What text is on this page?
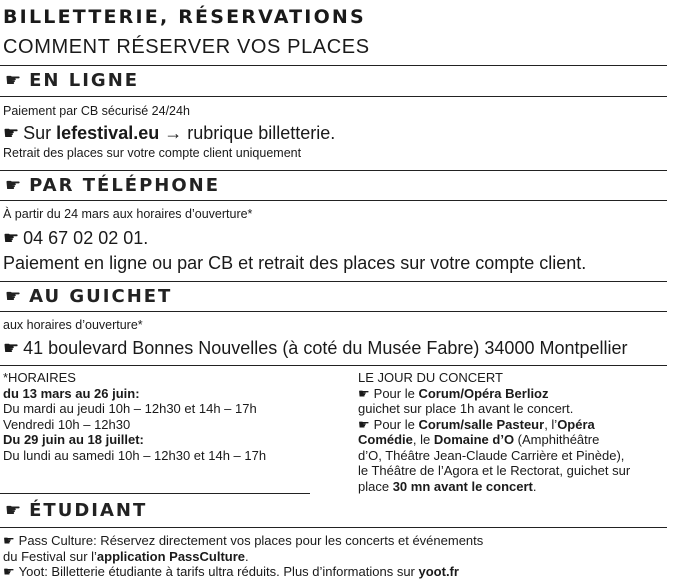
BILLETTERIE, RÉSERVATIONS
COMMENT RÉSERVER VOS PLACES
☚ EN LIGNE
Paiement par CB sécurisé 24/24h
☛ Sur lefestival.eu → rubrique billetterie.
Retrait des places sur votre compte client uniquement
☚ PAR TÉLÉPHONE
À partir du 24 mars aux horaires d’ouverture*
☛ 04 67 02 02 01.
Paiement en ligne ou par CB et retrait des places sur votre compte client.
☚ AU GUICHET
aux horaires d’ouverture*
☛ 41 boulevard Bonnes Nouvelles (à coté du Musée Fabre) 34000 Montpellier
*HORAIRES
du 13 mars au 26 juin:
Du mardi au jeudi 10h – 12h30 et 14h – 17h
Vendredi 10h – 12h30
Du 29 juin au 18 juillet:
Du lundi au samedi 10h – 12h30 et 14h – 17h
LE JOUR DU CONCERT
☛ Pour le Corum/Opéra Berlioz
guichet sur place 1h avant le concert.
☛ Pour le Corum/salle Pasteur, l’Opéra
Comédie, le Domaine d’O (Amphithéâtre
d’O, Théâtre Jean-Claude Carrière et Pinède),
le Théâtre de l’Agora et le Rectorat, guichet sur
place 30 mn avant le concert.
☚ ÉTUDIANT
☛ Pass Culture: Réservez directement vos places pour les concerts et événements
du Festival sur l’application PassCulture.
☛ Yoot: Billetterie étudiante à tarifs ultra réduits. Plus d’informations sur yoot.fr
